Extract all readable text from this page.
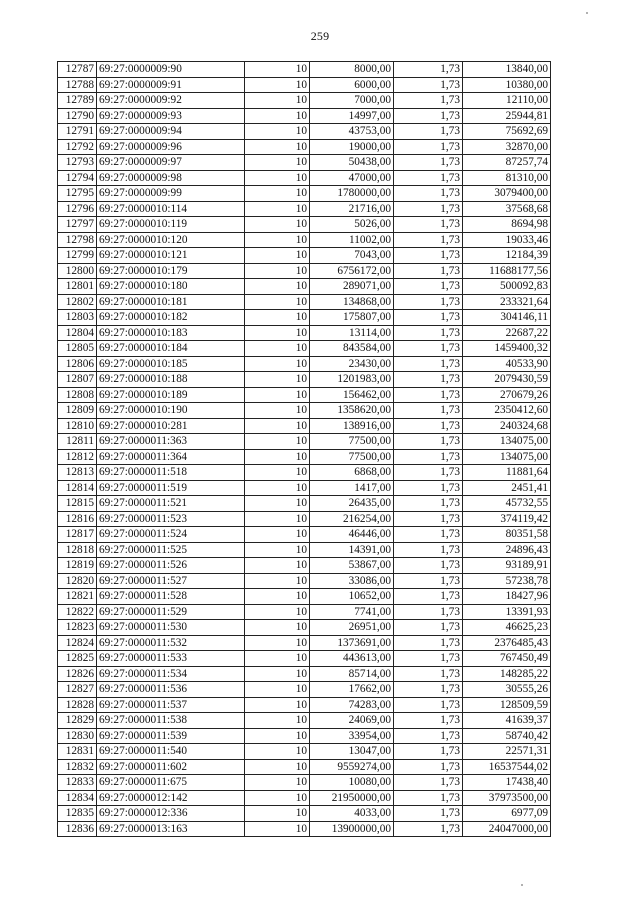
259
12787	69:27:0000009:90	10	8000,00	1,73	13840,00
12788	69:27:0000009:91	10	6000,00	1,73	10380,00
12789	69:27:0000009:92	10	7000,00	1,73	12110,00
12790	69:27:0000009:93	10	14997,00	1,73	25944,81
12791	69:27:0000009:94	10	43753,00	1,73	75692,69
12792	69:27:0000009:96	10	19000,00	1,73	32870,00
12793	69:27:0000009:97	10	50438,00	1,73	87257,74
12794	69:27:0000009:98	10	47000,00	1,73	81310,00
12795	69:27:0000009:99	10	1780000,00	1,73	3079400,00
12796	69:27:0000010:114	10	21716,00	1,73	37568,68
12797	69:27:0000010:119	10	5026,00	1,73	8694,98
12798	69:27:0000010:120	10	11002,00	1,73	19033,46
12799	69:27:0000010:121	10	7043,00	1,73	12184,39
12800	69:27:0000010:179	10	6756172,00	1,73	11688177,56
12801	69:27:0000010:180	10	289071,00	1,73	500092,83
12802	69:27:0000010:181	10	134868,00	1,73	233321,64
12803	69:27:0000010:182	10	175807,00	1,73	304146,11
12804	69:27:0000010:183	10	13114,00	1,73	22687,22
12805	69:27:0000010:184	10	843584,00	1,73	1459400,32
12806	69:27:0000010:185	10	23430,00	1,73	40533,90
12807	69:27:0000010:188	10	1201983,00	1,73	2079430,59
12808	69:27:0000010:189	10	156462,00	1,73	270679,26
12809	69:27:0000010:190	10	1358620,00	1,73	2350412,60
12810	69:27:0000010:281	10	138916,00	1,73	240324,68
12811	69:27:0000011:363	10	77500,00	1,73	134075,00
12812	69:27:0000011:364	10	77500,00	1,73	134075,00
12813	69:27:0000011:518	10	6868,00	1,73	11881,64
12814	69:27:0000011:519	10	1417,00	1,73	2451,41
12815	69:27:0000011:521	10	26435,00	1,73	45732,55
12816	69:27:0000011:523	10	216254,00	1,73	374119,42
12817	69:27:0000011:524	10	46446,00	1,73	80351,58
12818	69:27:0000011:525	10	14391,00	1,73	24896,43
12819	69:27:0000011:526	10	53867,00	1,73	93189,91
12820	69:27:0000011:527	10	33086,00	1,73	57238,78
12821	69:27:0000011:528	10	10652,00	1,73	18427,96
12822	69:27:0000011:529	10	7741,00	1,73	13391,93
12823	69:27:0000011:530	10	26951,00	1,73	46625,23
12824	69:27:0000011:532	10	1373691,00	1,73	2376485,43
12825	69:27:0000011:533	10	443613,00	1,73	767450,49
12826	69:27:0000011:534	10	85714,00	1,73	148285,22
12827	69:27:0000011:536	10	17662,00	1,73	30555,26
12828	69:27:0000011:537	10	74283,00	1,73	128509,59
12829	69:27:0000011:538	10	24069,00	1,73	41639,37
12830	69:27:0000011:539	10	33954,00	1,73	58740,42
12831	69:27:0000011:540	10	13047,00	1,73	22571,31
12832	69:27:0000011:602	10	9559274,00	1,73	16537544,02
12833	69:27:0000011:675	10	10080,00	1,73	17438,40
12834	69:27:0000012:142	10	21950000,00	1,73	37973500,00
12835	69:27:0000012:336	10	4033,00	1,73	6977,09
12836	69:27:0000013:163	10	13900000,00	1,73	24047000,00
